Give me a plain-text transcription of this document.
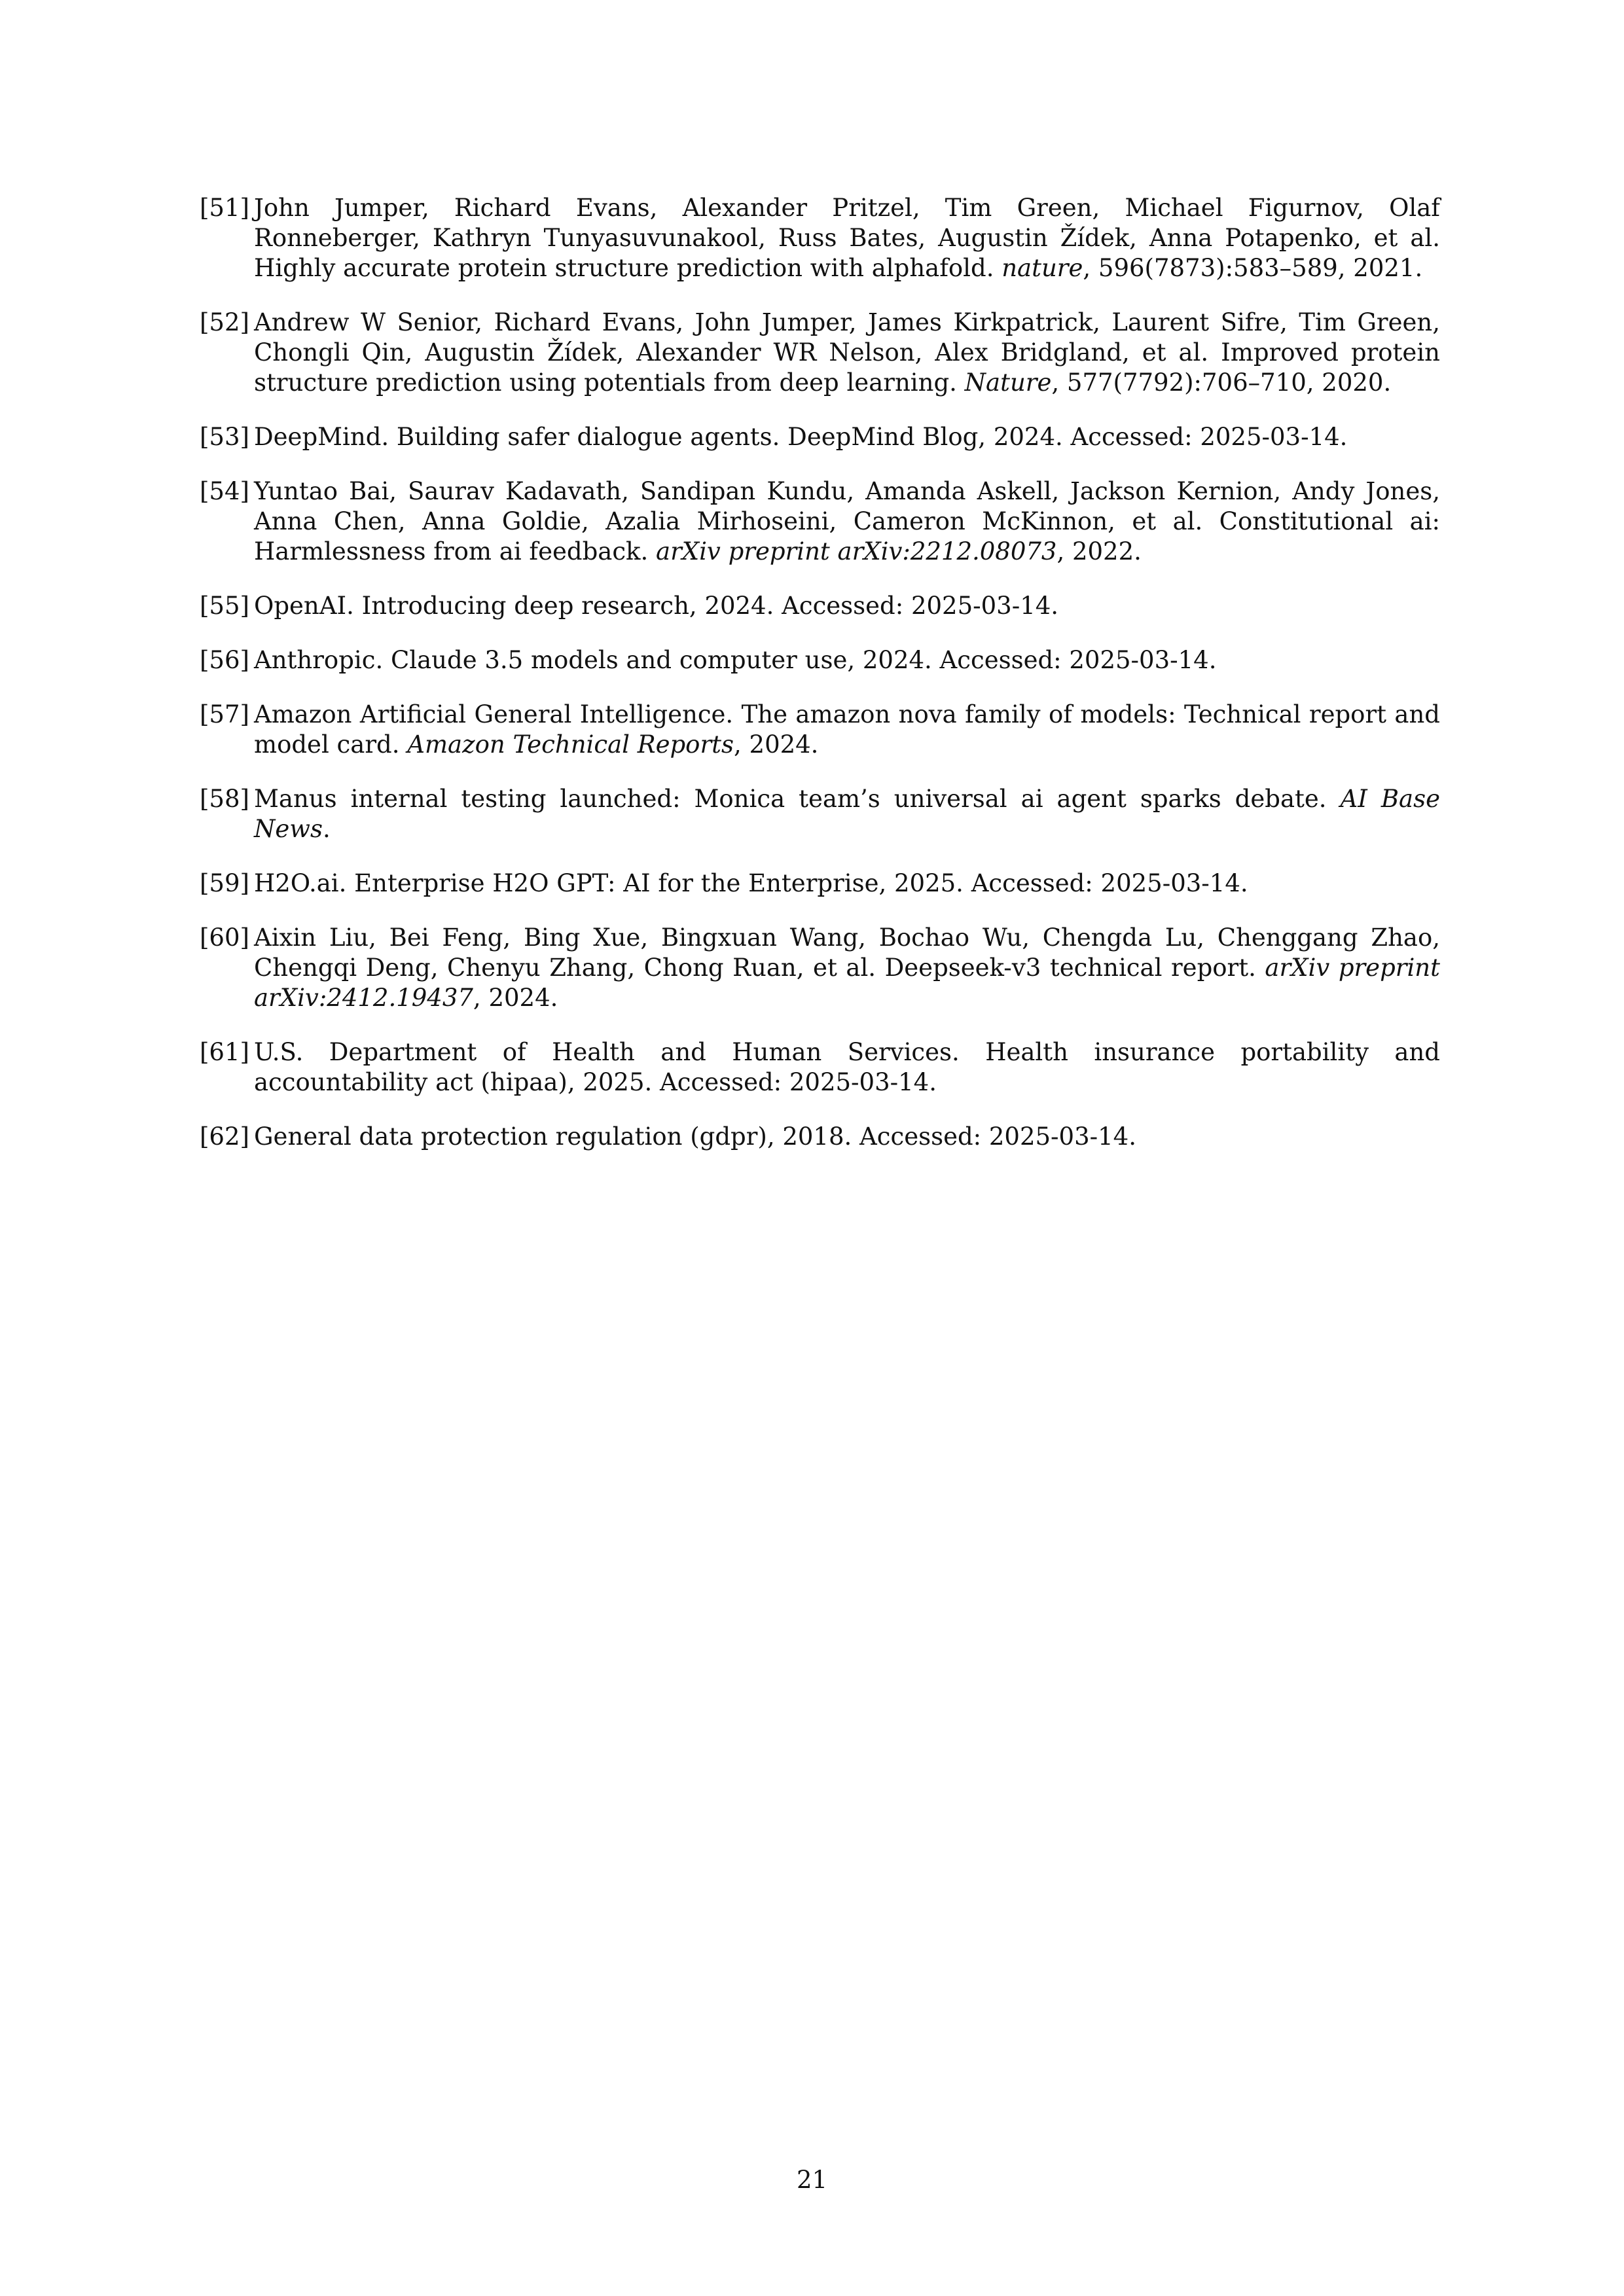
[51] John Jumper, Richard Evans, Alexander Pritzel, Tim Green, Michael Figurnov, Olaf Ronneberger, Kathryn Tunyasuvunakool, Russ Bates, Augustin Žídek, Anna Potapenko, et al. Highly accurate protein structure prediction with alphafold. nature, 596(7873):583–589, 2021.
[52] Andrew W Senior, Richard Evans, John Jumper, James Kirkpatrick, Laurent Sifre, Tim Green, Chongli Qin, Augustin Žídek, Alexander WR Nelson, Alex Bridgland, et al. Improved protein structure prediction using potentials from deep learning. Nature, 577(7792):706–710, 2020.
[53] DeepMind. Building safer dialogue agents. DeepMind Blog, 2024. Accessed: 2025-03-14.
[54] Yuntao Bai, Saurav Kadavath, Sandipan Kundu, Amanda Askell, Jackson Kernion, Andy Jones, Anna Chen, Anna Goldie, Azalia Mirhoseini, Cameron McKinnon, et al. Constitutional ai: Harmlessness from ai feedback. arXiv preprint arXiv:2212.08073, 2022.
[55] OpenAI. Introducing deep research, 2024. Accessed: 2025-03-14.
[56] Anthropic. Claude 3.5 models and computer use, 2024. Accessed: 2025-03-14.
[57] Amazon Artificial General Intelligence. The amazon nova family of models: Technical report and model card. Amazon Technical Reports, 2024.
[58] Manus internal testing launched: Monica team’s universal ai agent sparks debate. AI Base News.
[59] H2O.ai. Enterprise H2O GPT: AI for the Enterprise, 2025. Accessed: 2025-03-14.
[60] Aixin Liu, Bei Feng, Bing Xue, Bingxuan Wang, Bochao Wu, Chengda Lu, Chenggang Zhao, Chengqi Deng, Chenyu Zhang, Chong Ruan, et al. Deepseek-v3 technical report. arXiv preprint arXiv:2412.19437, 2024.
[61] U.S. Department of Health and Human Services. Health insurance portability and accountability act (hipaa), 2025. Accessed: 2025-03-14.
[62] General data protection regulation (gdpr), 2018. Accessed: 2025-03-14.
21
